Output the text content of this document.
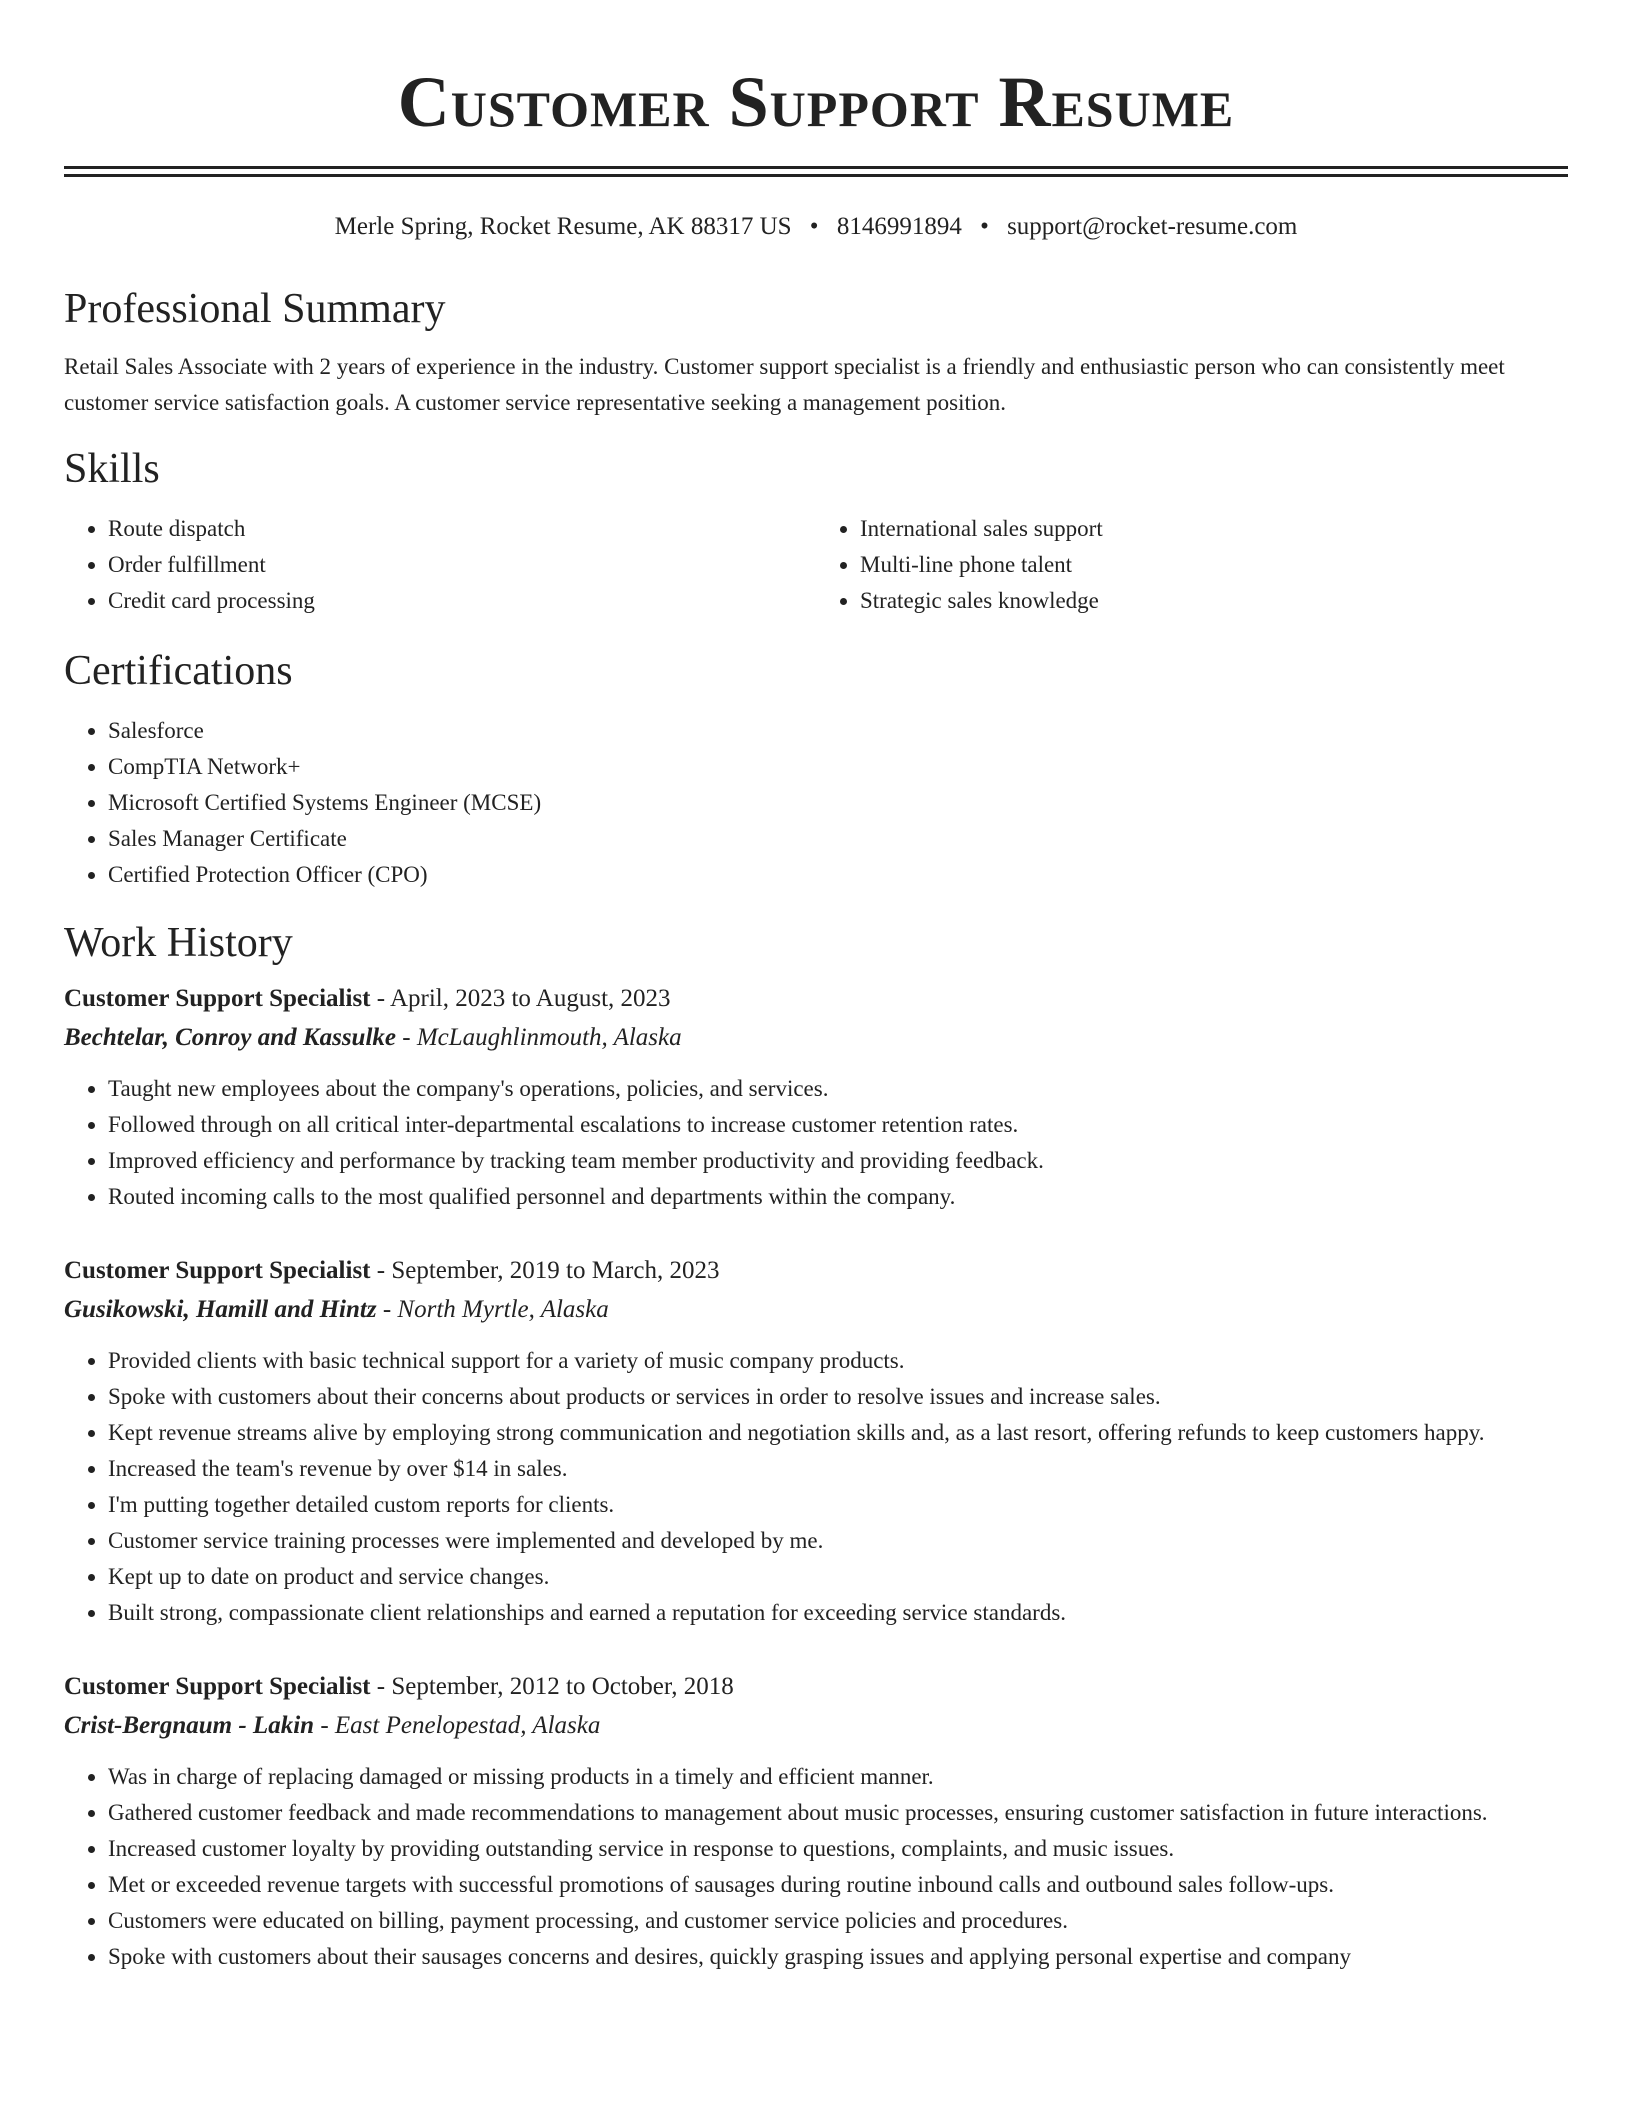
Customer Support Resume
Merle Spring, Rocket Resume, AK 88317 US • 8146991894 • support@rocket-resume.com
Professional Summary

Retail Sales Associate with 2 years of experience in the industry. Customer support specialist is a friendly and enthusiastic person who can consistently meet customer service satisfaction goals. A customer service representative seeking a management position.

Skills
• Route dispatch
• Order fulfillment
• Credit card processing
• International sales support
• Multi-line phone talent
• Strategic sales knowledge
Certifications
• Salesforce
• CompTIA Network+
• Microsoft Certified Systems Engineer (MCSE)
• Sales Manager Certificate
• Certified Protection Officer (CPO)
Work History
Customer Support Specialist - April, 2023 to August, 2023
Bechtelar, Conroy and Kassulke - McLaughlinmouth, Alaska
• Taught new employees about the company's operations, policies, and services.
• Followed through on all critical inter-departmental escalations to increase customer retention rates.
• Improved efficiency and performance by tracking team member productivity and providing feedback.
• Routed incoming calls to the most qualified personnel and departments within the company.
Customer Support Specialist - September, 2019 to March, 2023
Gusikowski, Hamill and Hintz - North Myrtle, Alaska
• Provided clients with basic technical support for a variety of music company products.
• Spoke with customers about their concerns about products or services in order to resolve issues and increase sales.
• Kept revenue streams alive by employing strong communication and negotiation skills and, as a last resort, offering refunds to keep customers happy.
• Increased the team's revenue by over $14 in sales.
• I'm putting together detailed custom reports for clients.
• Customer service training processes were implemented and developed by me.
• Kept up to date on product and service changes.
• Built strong, compassionate client relationships and earned a reputation for exceeding service standards.
Customer Support Specialist - September, 2012 to October, 2018
Crist-Bergnaum - Lakin - East Penelopestad, Alaska
• Was in charge of replacing damaged or missing products in a timely and efficient manner.
• Gathered customer feedback and made recommendations to management about music processes, ensuring customer satisfaction in future interactions.
• Increased customer loyalty by providing outstanding service in response to questions, complaints, and music issues.
• Met or exceeded revenue targets with successful promotions of sausages during routine inbound calls and outbound sales follow-ups.
• Customers were educated on billing, payment processing, and customer service policies and procedures.
• Spoke with customers about their sausages concerns and desires, quickly grasping issues and applying personal expertise and company
